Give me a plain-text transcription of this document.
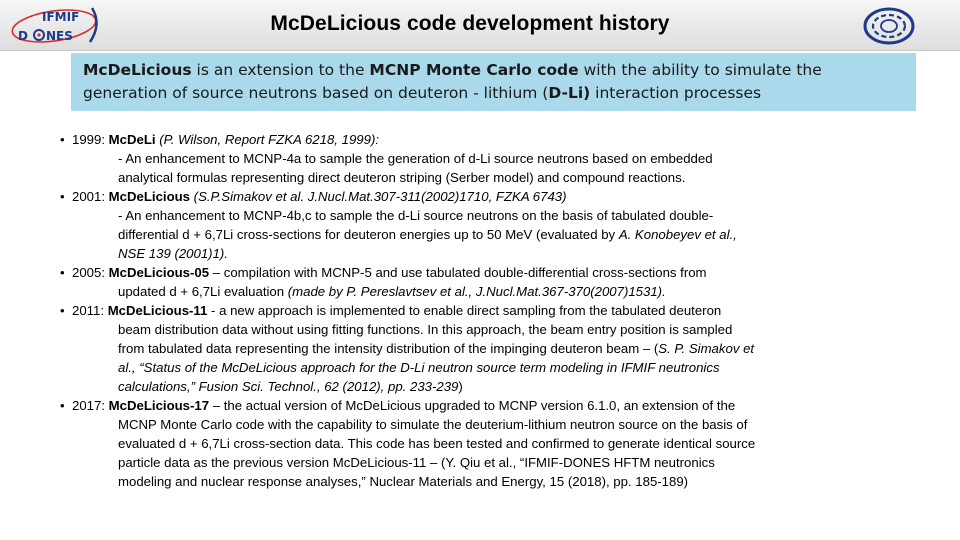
IFMIF
D NES
McDeLicious code development history
McDeLicious is an extension to the MCNP Monte Carlo code with the ability to simulate the generation of source neutrons based on deuteron - lithium (D-Li) interaction processes
• 1999: McDeLi (P. Wilson, Report FZKA 6218, 1999):
- An enhancement to MCNP-4a to sample the generation of d-Li source neutrons based on embedded
analytical formulas representing direct deuteron striping (Serber model) and compound reactions.
• 2001: McDeLicious (S.P.Simakov et al. J.Nucl.Mat.307-311(2002)1710, FZKA 6743)
- An enhancement to MCNP-4b,c to sample the d-Li source neutrons on the basis of tabulated double-
differential d + 6,7Li cross-sections for deuteron energies up to 50 MeV (evaluated by A. Konobeyev et al.,
NSE 139 (2001)1).
• 2005: McDeLicious-05 – compilation with MCNP-5 and use tabulated double-differential cross-sections from
updated d + 6,7Li evaluation (made by P. Pereslavtsev et al., J.Nucl.Mat.367-370(2007)1531).
• 2011: McDeLicious-11 - a new approach is implemented to enable direct sampling from the tabulated deuteron
beam distribution data without using fitting functions. In this approach, the beam entry position is sampled
from tabulated data representing the intensity distribution of the impinging deuteron beam – (S. P. Simakov et
al., “Status of the McDeLicious approach for the D-Li neutron source term modeling in IFMIF neutronics
calculations,” Fusion Sci. Technol., 62 (2012), pp. 233-239)
• 2017: McDeLicious-17 – the actual version of McDeLicious upgraded to MCNP version 6.1.0, an extension of the
MCNP Monte Carlo code with the capability to simulate the deuterium-lithium neutron source on the basis of
evaluated d + 6,7Li cross-section data. This code has been tested and confirmed to generate identical source
particle data as the previous version McDeLicious-11 – (Y. Qiu et al., “IFMIF-DONES HFTM neutronics
modeling and nuclear response analyses,” Nuclear Materials and Energy, 15 (2018), pp. 185-189)
